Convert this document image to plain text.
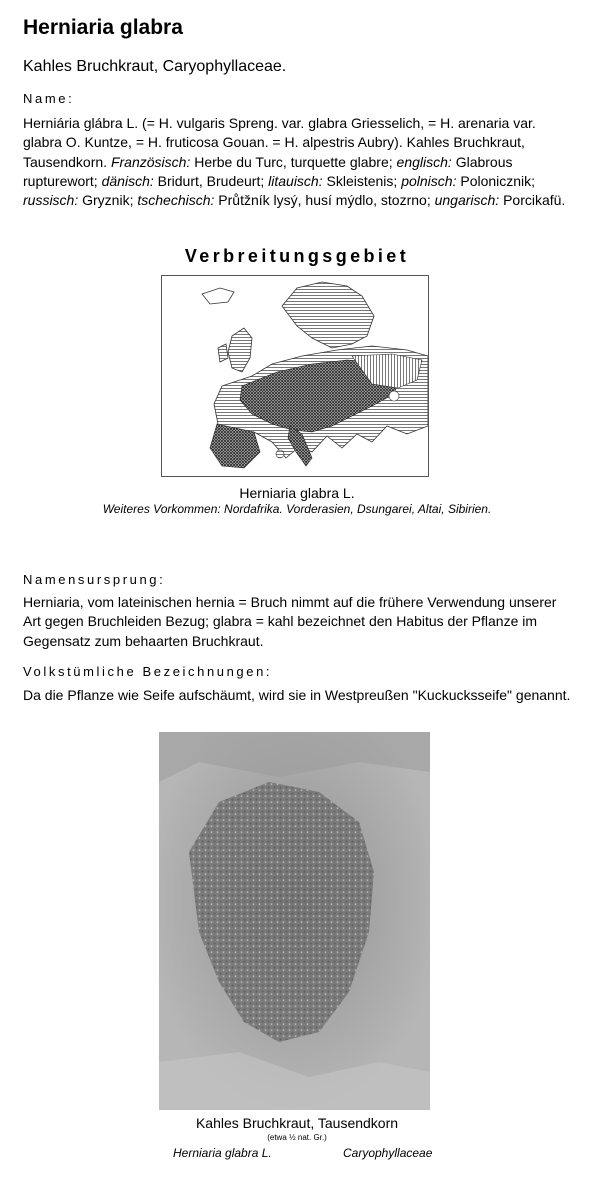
Herniaria glabra
Kahles Bruchkraut, Caryophyllaceae.
Name:
Herniária glábra L. (= H. vulgaris Spreng. var. glabra Griesselich, = H. arenaria var. glabra O. Kuntze, = H. fruticosa Gouan. = H. alpestris Aubry). Kahles Bruchkraut, Tausendkorn. Französisch: Herbe du Turc, turquette glabre; englisch: Glabrous rupturewort; dänisch: Bridurt, Brudeurt; litauisch: Skleistenis; polnisch: Polonicznik; russisch: Gryznik; tschechisch: Průtžník lysý, husí mýdlo, stozrno; ungarisch: Porcikafü.
Verbreitungsgebiet
Herniaria glabra L.
Weiteres Vorkommen: Nordafrika. Vorderasien, Dsungarei, Altai, Sibirien.
Namensursprung:
Herniaria, vom lateinischen hernia = Bruch nimmt auf die frühere Verwendung unserer Art gegen Bruchleiden Bezug; glabra = kahl bezeichnet den Habitus der Pflanze im Gegensatz zum behaarten Bruchkraut.
Volkstümliche Bezeichnungen:
Da die Pflanze wie Seife aufschäumt, wird sie in Westpreußen "Kuckucksseife" genannt.
Kahles Bruchkraut, Tausendkorn
(etwa ½ nat. Gr.)
Herniaria glabra L.	Caryophyllaceae
